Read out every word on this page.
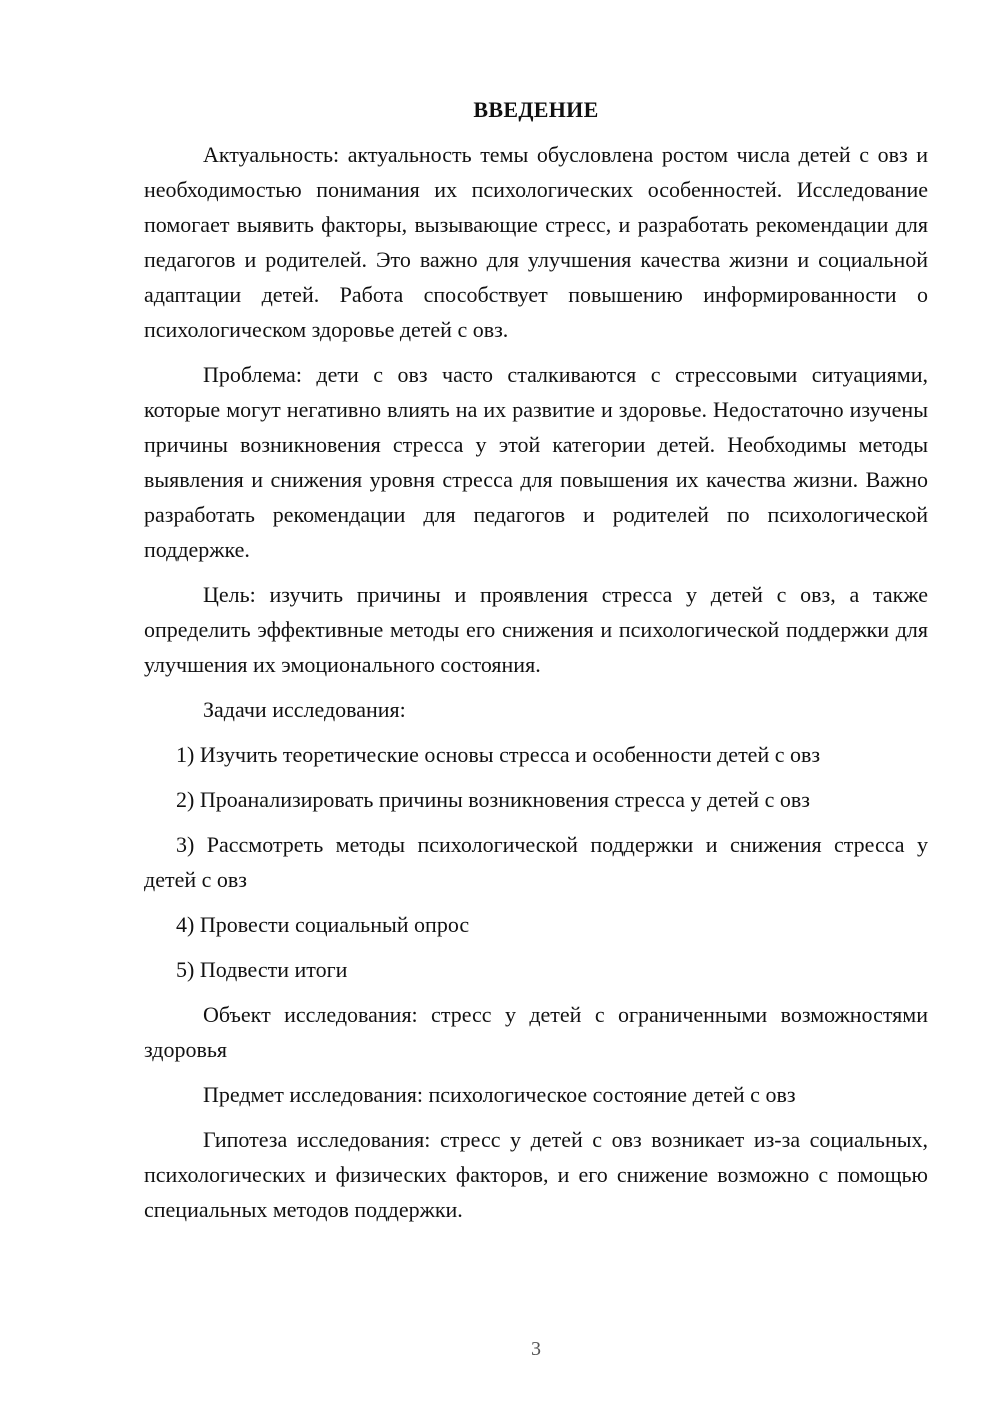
ВВЕДЕНИЕ

Актуальность: актуальность темы обусловлена ростом числа детей с овз и необходимостью понимания их психологических особенностей. Исследование помогает выявить факторы, вызывающие стресс, и разработать рекомендации для педагогов и родителей. Это важно для улучшения качества жизни и социальной адаптации детей. Работа способствует повышению информированности о психологическом здоровье детей с овз.

Проблема: дети с овз часто сталкиваются с стрессовыми ситуациями, которые могут негативно влиять на их развитие и здоровье. Недостаточно изучены причины возникновения стресса у этой категории детей. Необходимы методы выявления и снижения уровня стресса для повышения их качества жизни. Важно разработать рекомендации для педагогов и родителей по психологической поддержке.

Цель: изучить причины и проявления стресса у детей с овз, а также определить эффективные методы его снижения и психологической поддержки для улучшения их эмоционального состояния.

Задачи исследования:

1) Изучить теоретические основы стресса и особенности детей с овз

2) Проанализировать причины возникновения стресса у детей с овз

3) Рассмотреть методы психологической поддержки и снижения стресса у детей с овз

4) Провести социальный опрос

5) Подвести итоги

Объект исследования: стресс у детей с ограниченными возможностями здоровья

Предмет исследования: психологическое состояние детей с овз

Гипотеза исследования: стресс у детей с овз возникает из-за социальных, психологических и физических факторов, и его снижение возможно с помощью специальных методов поддержки.

3
